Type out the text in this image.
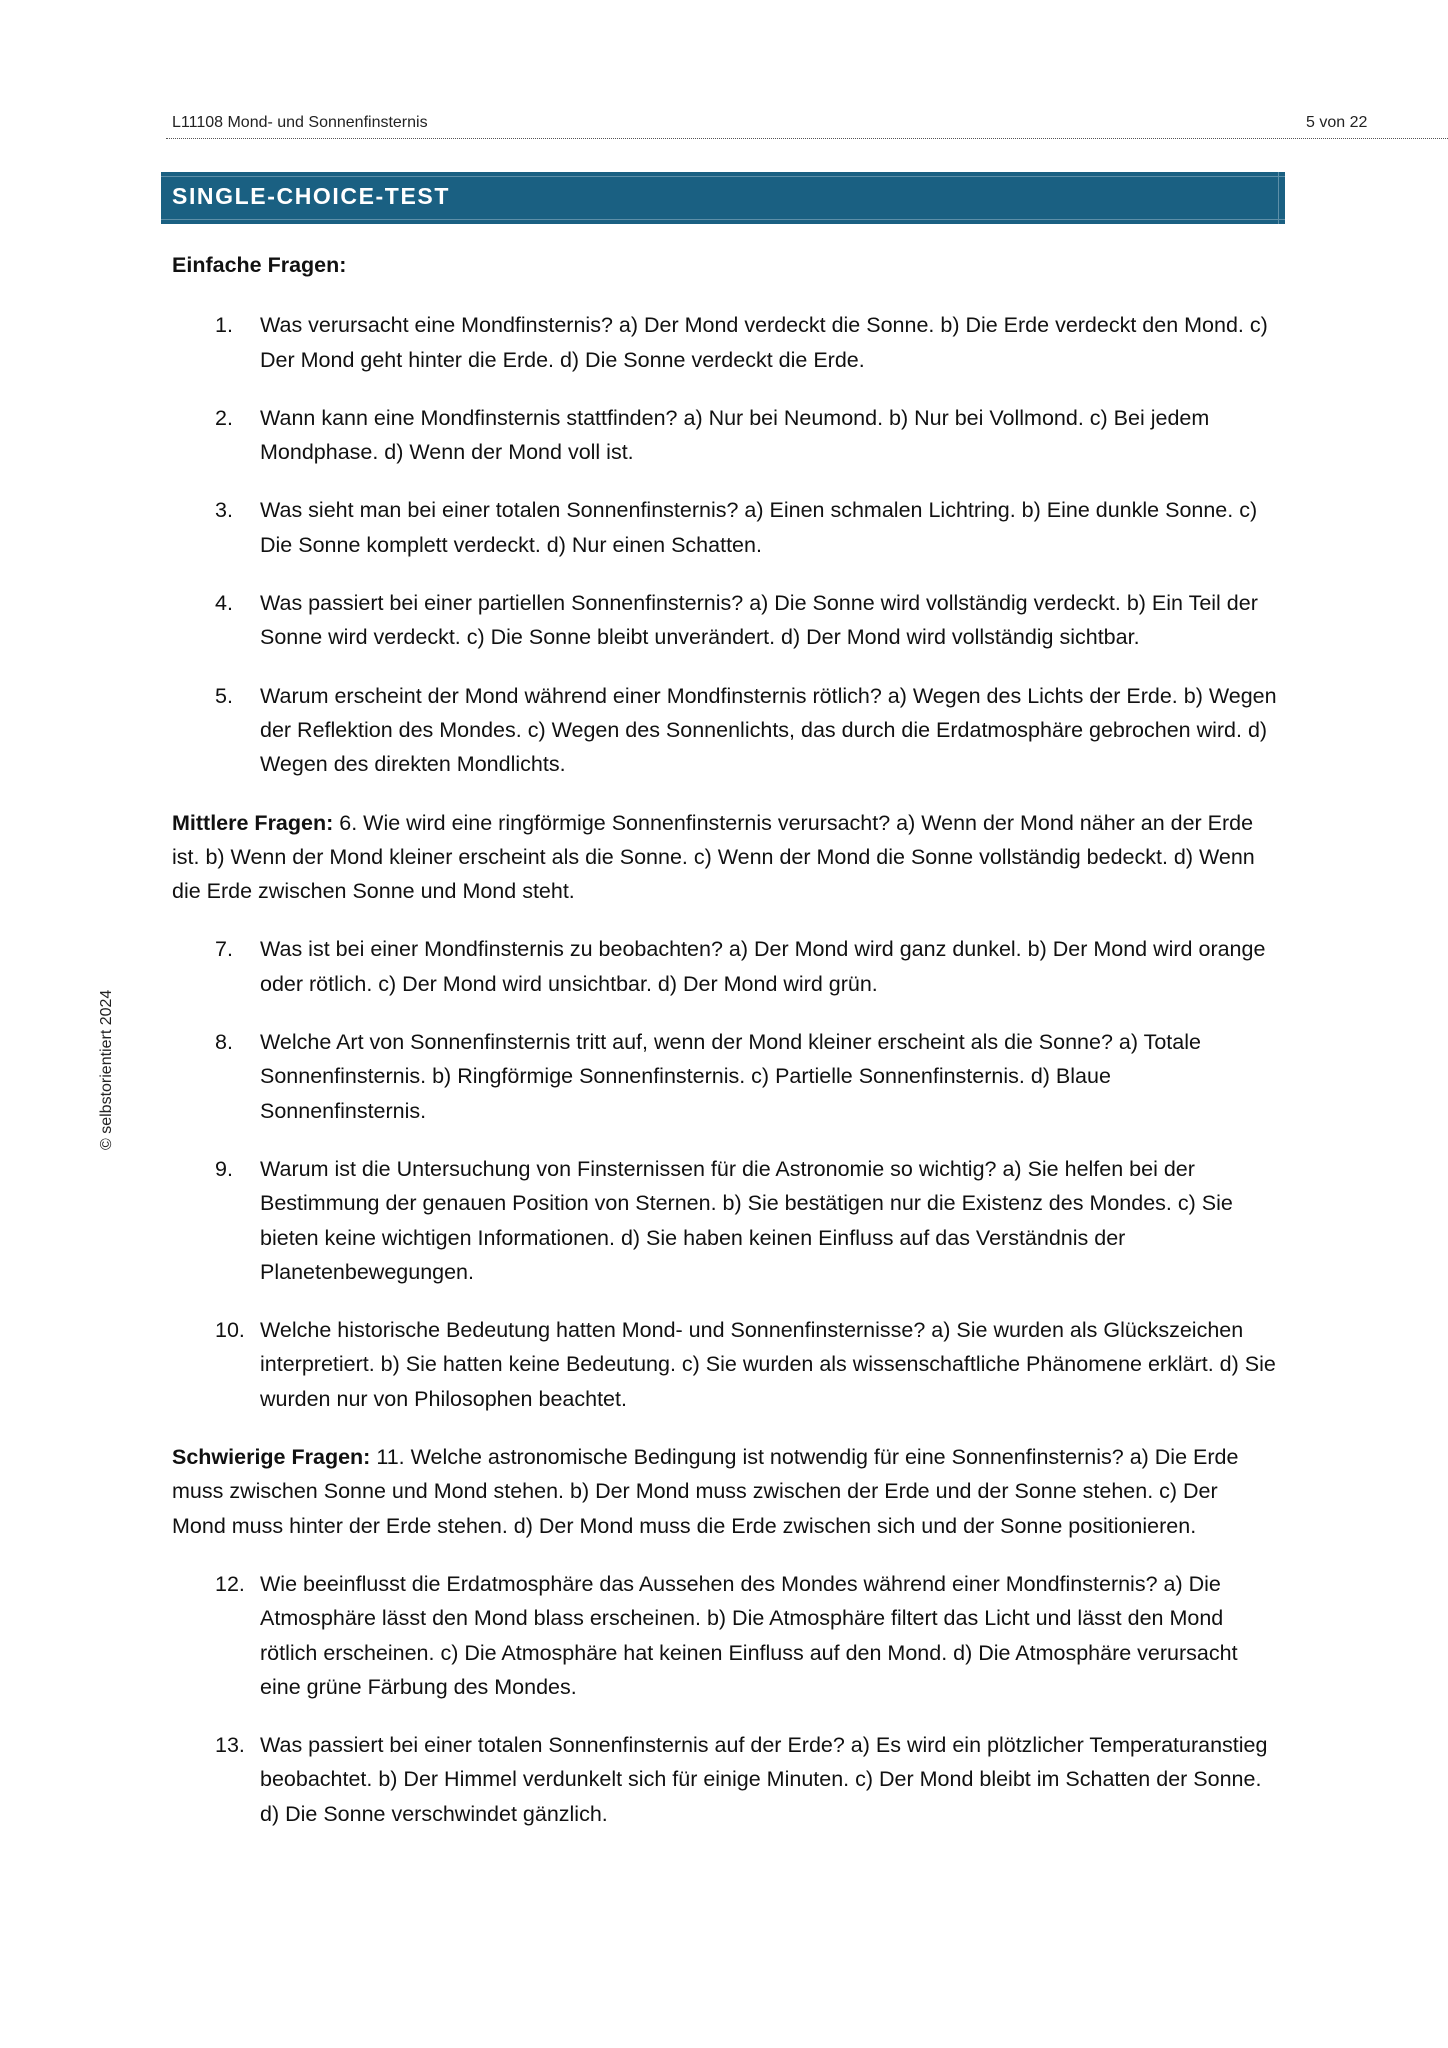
L11108 Mond- und Sonnenfinsternis	5 von 22
SINGLE-CHOICE-TEST
© selbstorientiert 2024

Einfache Fragen:

1. Was verursacht eine Mondfinsternis? a) Der Mond verdeckt die Sonne. b) Die Erde verdeckt den Mond. c) Der Mond geht hinter die Erde. d) Die Sonne verdeckt die Erde.
2. Wann kann eine Mondfinsternis stattfinden? a) Nur bei Neumond. b) Nur bei Vollmond. c) Bei jedem Mondphase. d) Wenn der Mond voll ist.
3. Was sieht man bei einer totalen Sonnenfinsternis? a) Einen schmalen Lichtring. b) Eine dunkle Sonne. c) Die Sonne komplett verdeckt. d) Nur einen Schatten.
4. Was passiert bei einer partiellen Sonnenfinsternis? a) Die Sonne wird vollständig verdeckt. b) Ein Teil der Sonne wird verdeckt. c) Die Sonne bleibt unverändert. d) Der Mond wird vollständig sichtbar.
5. Warum erscheint der Mond während einer Mondfinsternis rötlich? a) Wegen des Lichts der Erde. b) Wegen der Reflektion des Mondes. c) Wegen des Sonnenlichts, das durch die Erdatmosphäre gebrochen wird. d) Wegen des direkten Mondlichts.

Mittlere Fragen: 6. Wie wird eine ringförmige Sonnenfinsternis verursacht? a) Wenn der Mond näher an der Erde ist. b) Wenn der Mond kleiner erscheint als die Sonne. c) Wenn der Mond die Sonne vollständig bedeckt. d) Wenn die Erde zwischen Sonne und Mond steht.

7. Was ist bei einer Mondfinsternis zu beobachten? a) Der Mond wird ganz dunkel. b) Der Mond wird orange oder rötlich. c) Der Mond wird unsichtbar. d) Der Mond wird grün.
8. Welche Art von Sonnenfinsternis tritt auf, wenn der Mond kleiner erscheint als die Sonne? a) Totale Sonnenfinsternis. b) Ringförmige Sonnenfinsternis. c) Partielle Sonnenfinsternis. d) Blaue Sonnenfinsternis.
9. Warum ist die Untersuchung von Finsternissen für die Astronomie so wichtig? a) Sie helfen bei der Bestimmung der genauen Position von Sternen. b) Sie bestätigen nur die Existenz des Mondes. c) Sie bieten keine wichtigen Informationen. d) Sie haben keinen Einfluss auf das Verständnis der Planetenbewegungen.
10. Welche historische Bedeutung hatten Mond- und Sonnenfinsternisse? a) Sie wurden als Glückszeichen interpretiert. b) Sie hatten keine Bedeutung. c) Sie wurden als wissenschaftliche Phänomene erklärt. d) Sie wurden nur von Philosophen beachtet.

Schwierige Fragen: 11. Welche astronomische Bedingung ist notwendig für eine Sonnenfinsternis? a) Die Erde muss zwischen Sonne und Mond stehen. b) Der Mond muss zwischen der Erde und der Sonne stehen. c) Der Mond muss hinter der Erde stehen. d) Der Mond muss die Erde zwischen sich und der Sonne positionieren.

12. Wie beeinflusst die Erdatmosphäre das Aussehen des Mondes während einer Mondfinsternis? a) Die Atmosphäre lässt den Mond blass erscheinen. b) Die Atmosphäre filtert das Licht und lässt den Mond rötlich erscheinen. c) Die Atmosphäre hat keinen Einfluss auf den Mond. d) Die Atmosphäre verursacht eine grüne Färbung des Mondes.
13. Was passiert bei einer totalen Sonnenfinsternis auf der Erde? a) Es wird ein plötzlicher Temperaturanstieg beobachtet. b) Der Himmel verdunkelt sich für einige Minuten. c) Der Mond bleibt im Schatten der Sonne. d) Die Sonne verschwindet gänzlich.
